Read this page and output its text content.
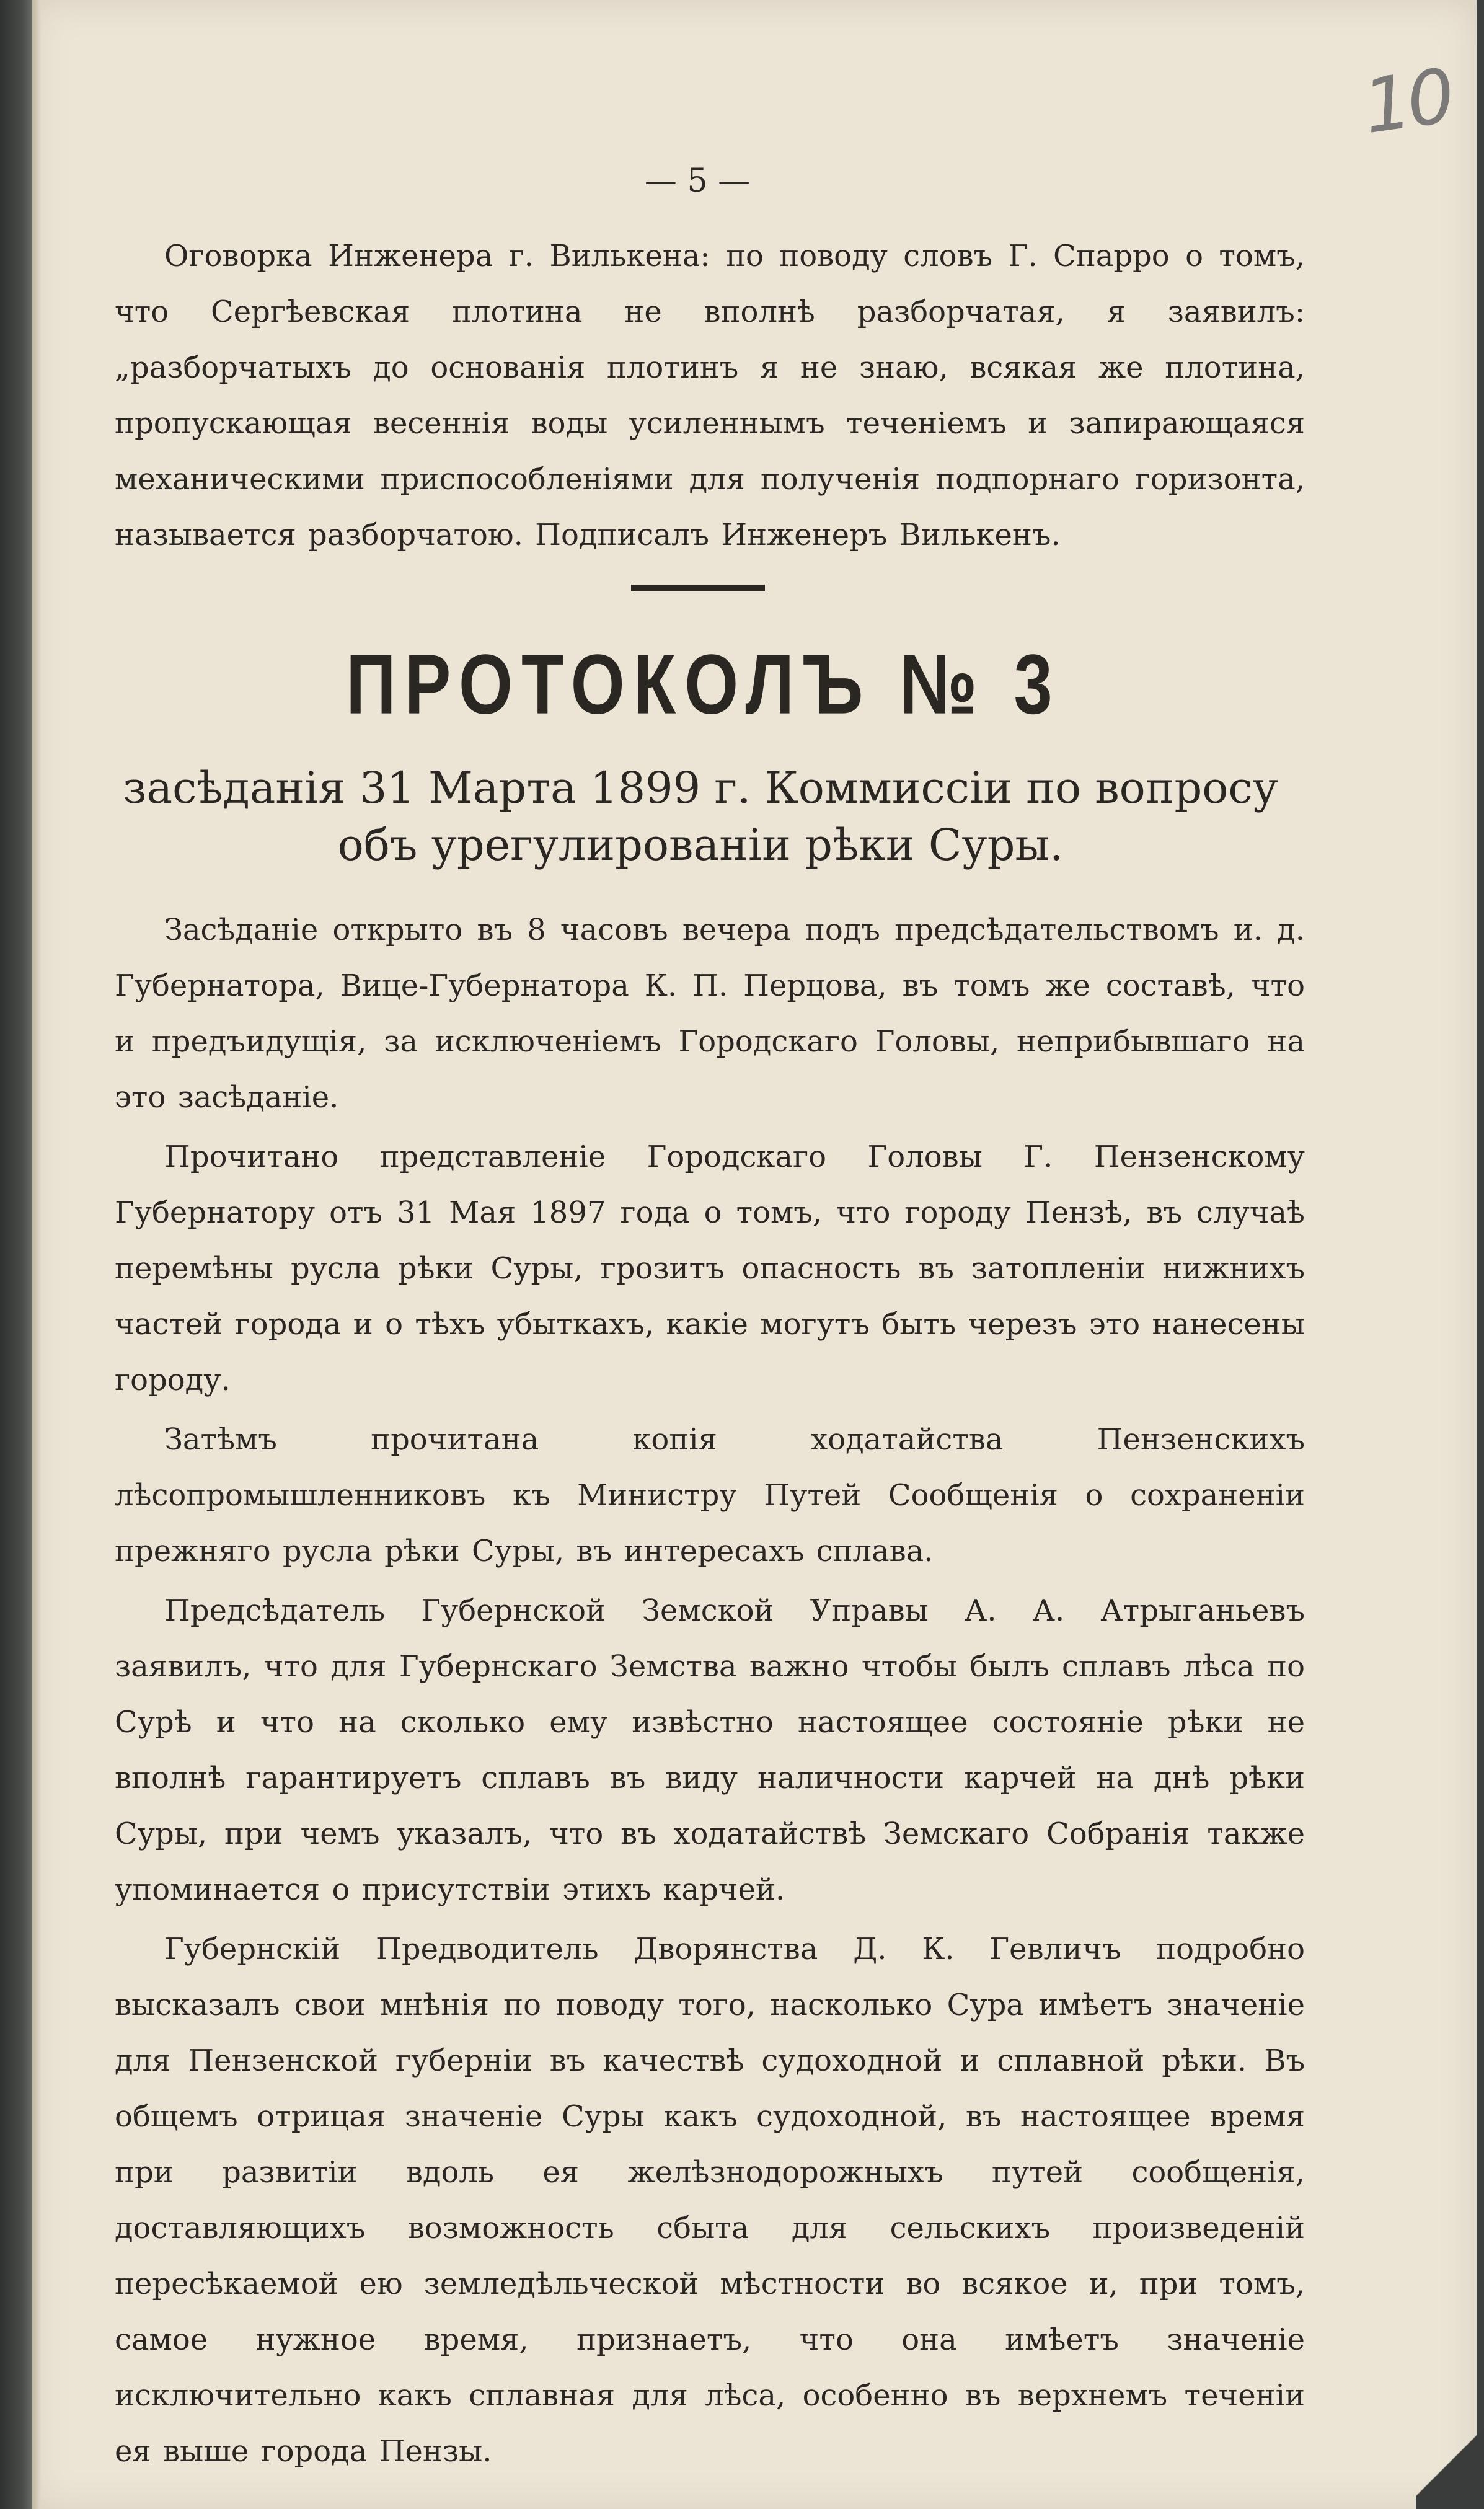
10
— 5 —

Оговорка Инженера г. Вилькена: по поводу словъ Г. Спарро о томъ, что Сергѣевская плотина не вполнѣ разборчатая, я заявилъ: „разборчатыхъ до основанія плотинъ я не знаю, всякая же плотина, пропускающая весеннія воды усиленнымъ теченіемъ и запирающаяся механическими приспособленіями для полученія подпорнаго горизонта, называется разборчатою. Подписалъ Инженеръ Вилькенъ.

ПРОТОКОЛЪ № 3
засѣданія 31 Марта 1899 г. Коммиссіи по вопросу
объ урегулированіи рѣки Суры.

Засѣданіе открыто въ 8 часовъ вечера подъ предсѣдательствомъ и. д. Губернатора, Вице-Губернатора К. П. Перцова, въ томъ же составѣ, что и предъидущія, за исключеніемъ Городскаго Головы, неприбывшаго на это засѣданіе.

Прочитано представленіе Городскаго Головы Г. Пензенскому Губернатору отъ 31 Мая 1897 года о томъ, что городу Пензѣ, въ случаѣ перемѣны русла рѣки Суры, грозитъ опасность въ затопленіи нижнихъ частей города и о тѣхъ убыткахъ, какіе могутъ быть черезъ это нанесены городу.

Затѣмъ прочитана копія ходатайства Пензенскихъ лѣсопромышленниковъ къ Министру Путей Сообщенія о сохраненіи прежняго русла рѣки Суры, въ интересахъ сплава.

Предсѣдатель Губернской Земской Управы А. А. Атрыганьевъ заявилъ, что для Губернскаго Земства важно чтобы былъ сплавъ лѣса по Сурѣ и что на сколько ему извѣстно настоящее состояніе рѣки не вполнѣ гарантируетъ сплавъ въ виду наличности карчей на днѣ рѣки Суры, при чемъ указалъ, что въ ходатайствѣ Земскаго Собранія также упоминается о присутствіи этихъ карчей.

Губернскій Предводитель Дворянства Д. К. Гевличъ подробно высказалъ свои мнѣнія по поводу того, насколько Сура имѣетъ значеніе для Пензенской губерніи въ качествѣ судоходной и сплавной рѣки. Въ общемъ отрицая значеніе Суры какъ судоходной, въ настоящее время при развитіи вдоль ея желѣзнодорожныхъ путей сообщенія, доставляющихъ возможность сбыта для сельскихъ произведеній пересѣкаемой ею земледѣльческой мѣстности во всякое и, при томъ, самое нужное время, признаетъ, что она имѣетъ значеніе исключительно какъ сплавная для лѣса, особенно въ верхнемъ теченіи ея выше города Пензы.
